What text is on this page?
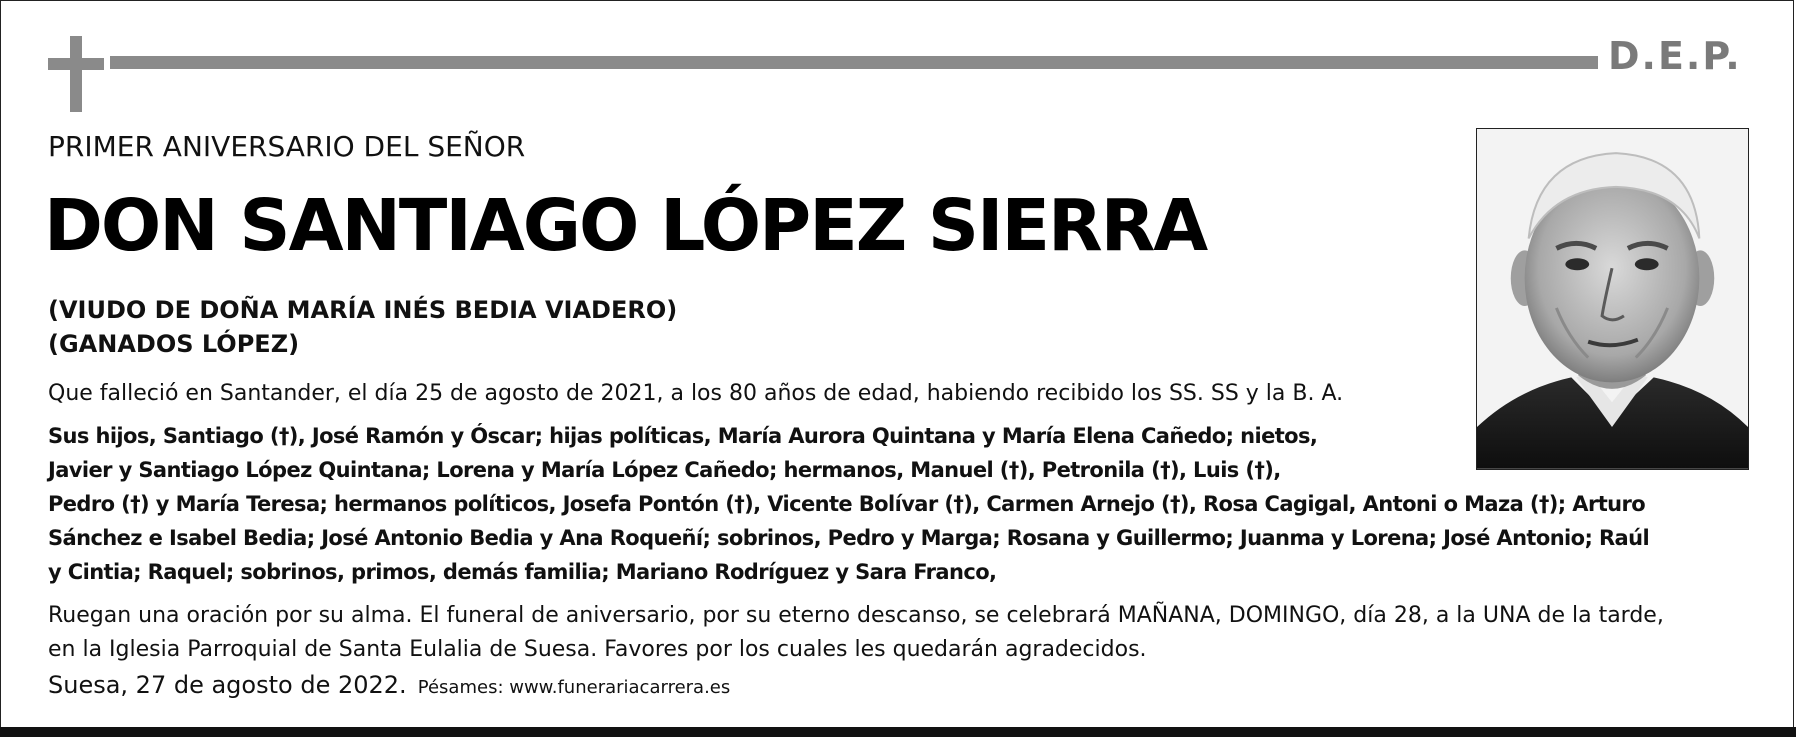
D.E.P.
PRIMER ANIVERSARIO DEL SEÑOR
DON SANTIAGO LÓPEZ SIERRA
(VIUDO DE DOÑA MARÍA INÉS BEDIA VIADERO)
(GANADOS LÓPEZ)
Que falleció en Santander, el día 25 de agosto de 2021, a los 80 años de edad, habiendo recibido los SS. SS y la B. A.
Sus hijos, Santiago (†), José Ramón y Óscar; hijas políticas, María Aurora Quintana y María Elena Cañedo; nietos,
Javier y Santiago López Quintana; Lorena y María López Cañedo; hermanos, Manuel (†), Petronila (†), Luis (†),
Pedro (†) y María Teresa; hermanos políticos, Josefa Pontón (†), Vicente Bolívar (†), Carmen Arnejo (†), Rosa Cagigal, Antoni o Maza (†); Arturo
Sánchez e Isabel Bedia; José Antonio Bedia y Ana Roqueñí; sobrinos, Pedro y Marga; Rosana y Guillermo; Juanma y Lorena; José Antonio; Raúl
y Cintia; Raquel; sobrinos, primos, demás familia; Mariano Rodríguez y Sara Franco,
Ruegan una oración por su alma. El funeral de aniversario, por su eterno descanso, se celebrará MAÑANA, DOMINGO, día 28, a la UNA de la tarde,
en la Iglesia Parroquial de Santa Eulalia de Suesa. Favores por los cuales les quedarán agradecidos.
Suesa, 27 de agosto de 2022. Pésames: www.funerariacarrera.es
